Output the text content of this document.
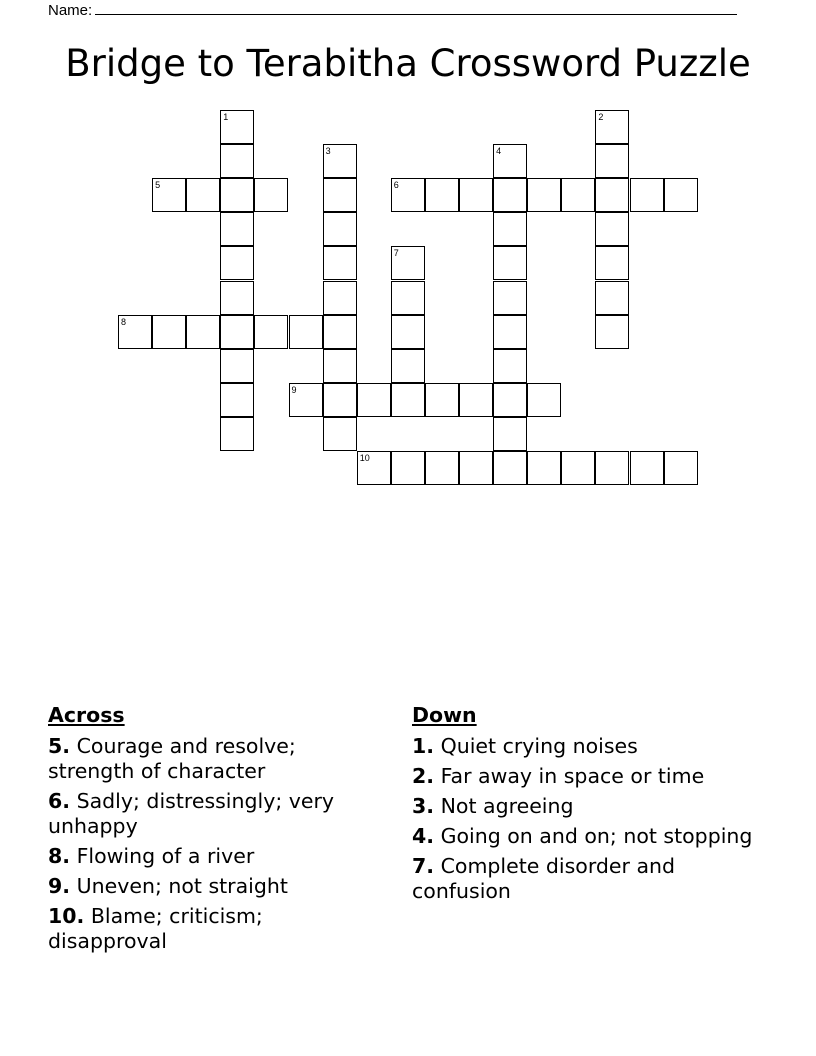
Name:
Bridge to Terabitha Crossword Puzzle
1	2
3	4
5	6
7
8
9
10
Across
5. Courage and resolve; strength of character
6. Sadly; distressingly; very unhappy
8. Flowing of a river
9. Uneven; not straight
10. Blame; criticism; disapproval
Down
1. Quiet crying noises
2. Far away in space or time
3. Not agreeing
4. Going on and on; not stopping
7. Complete disorder and confusion
